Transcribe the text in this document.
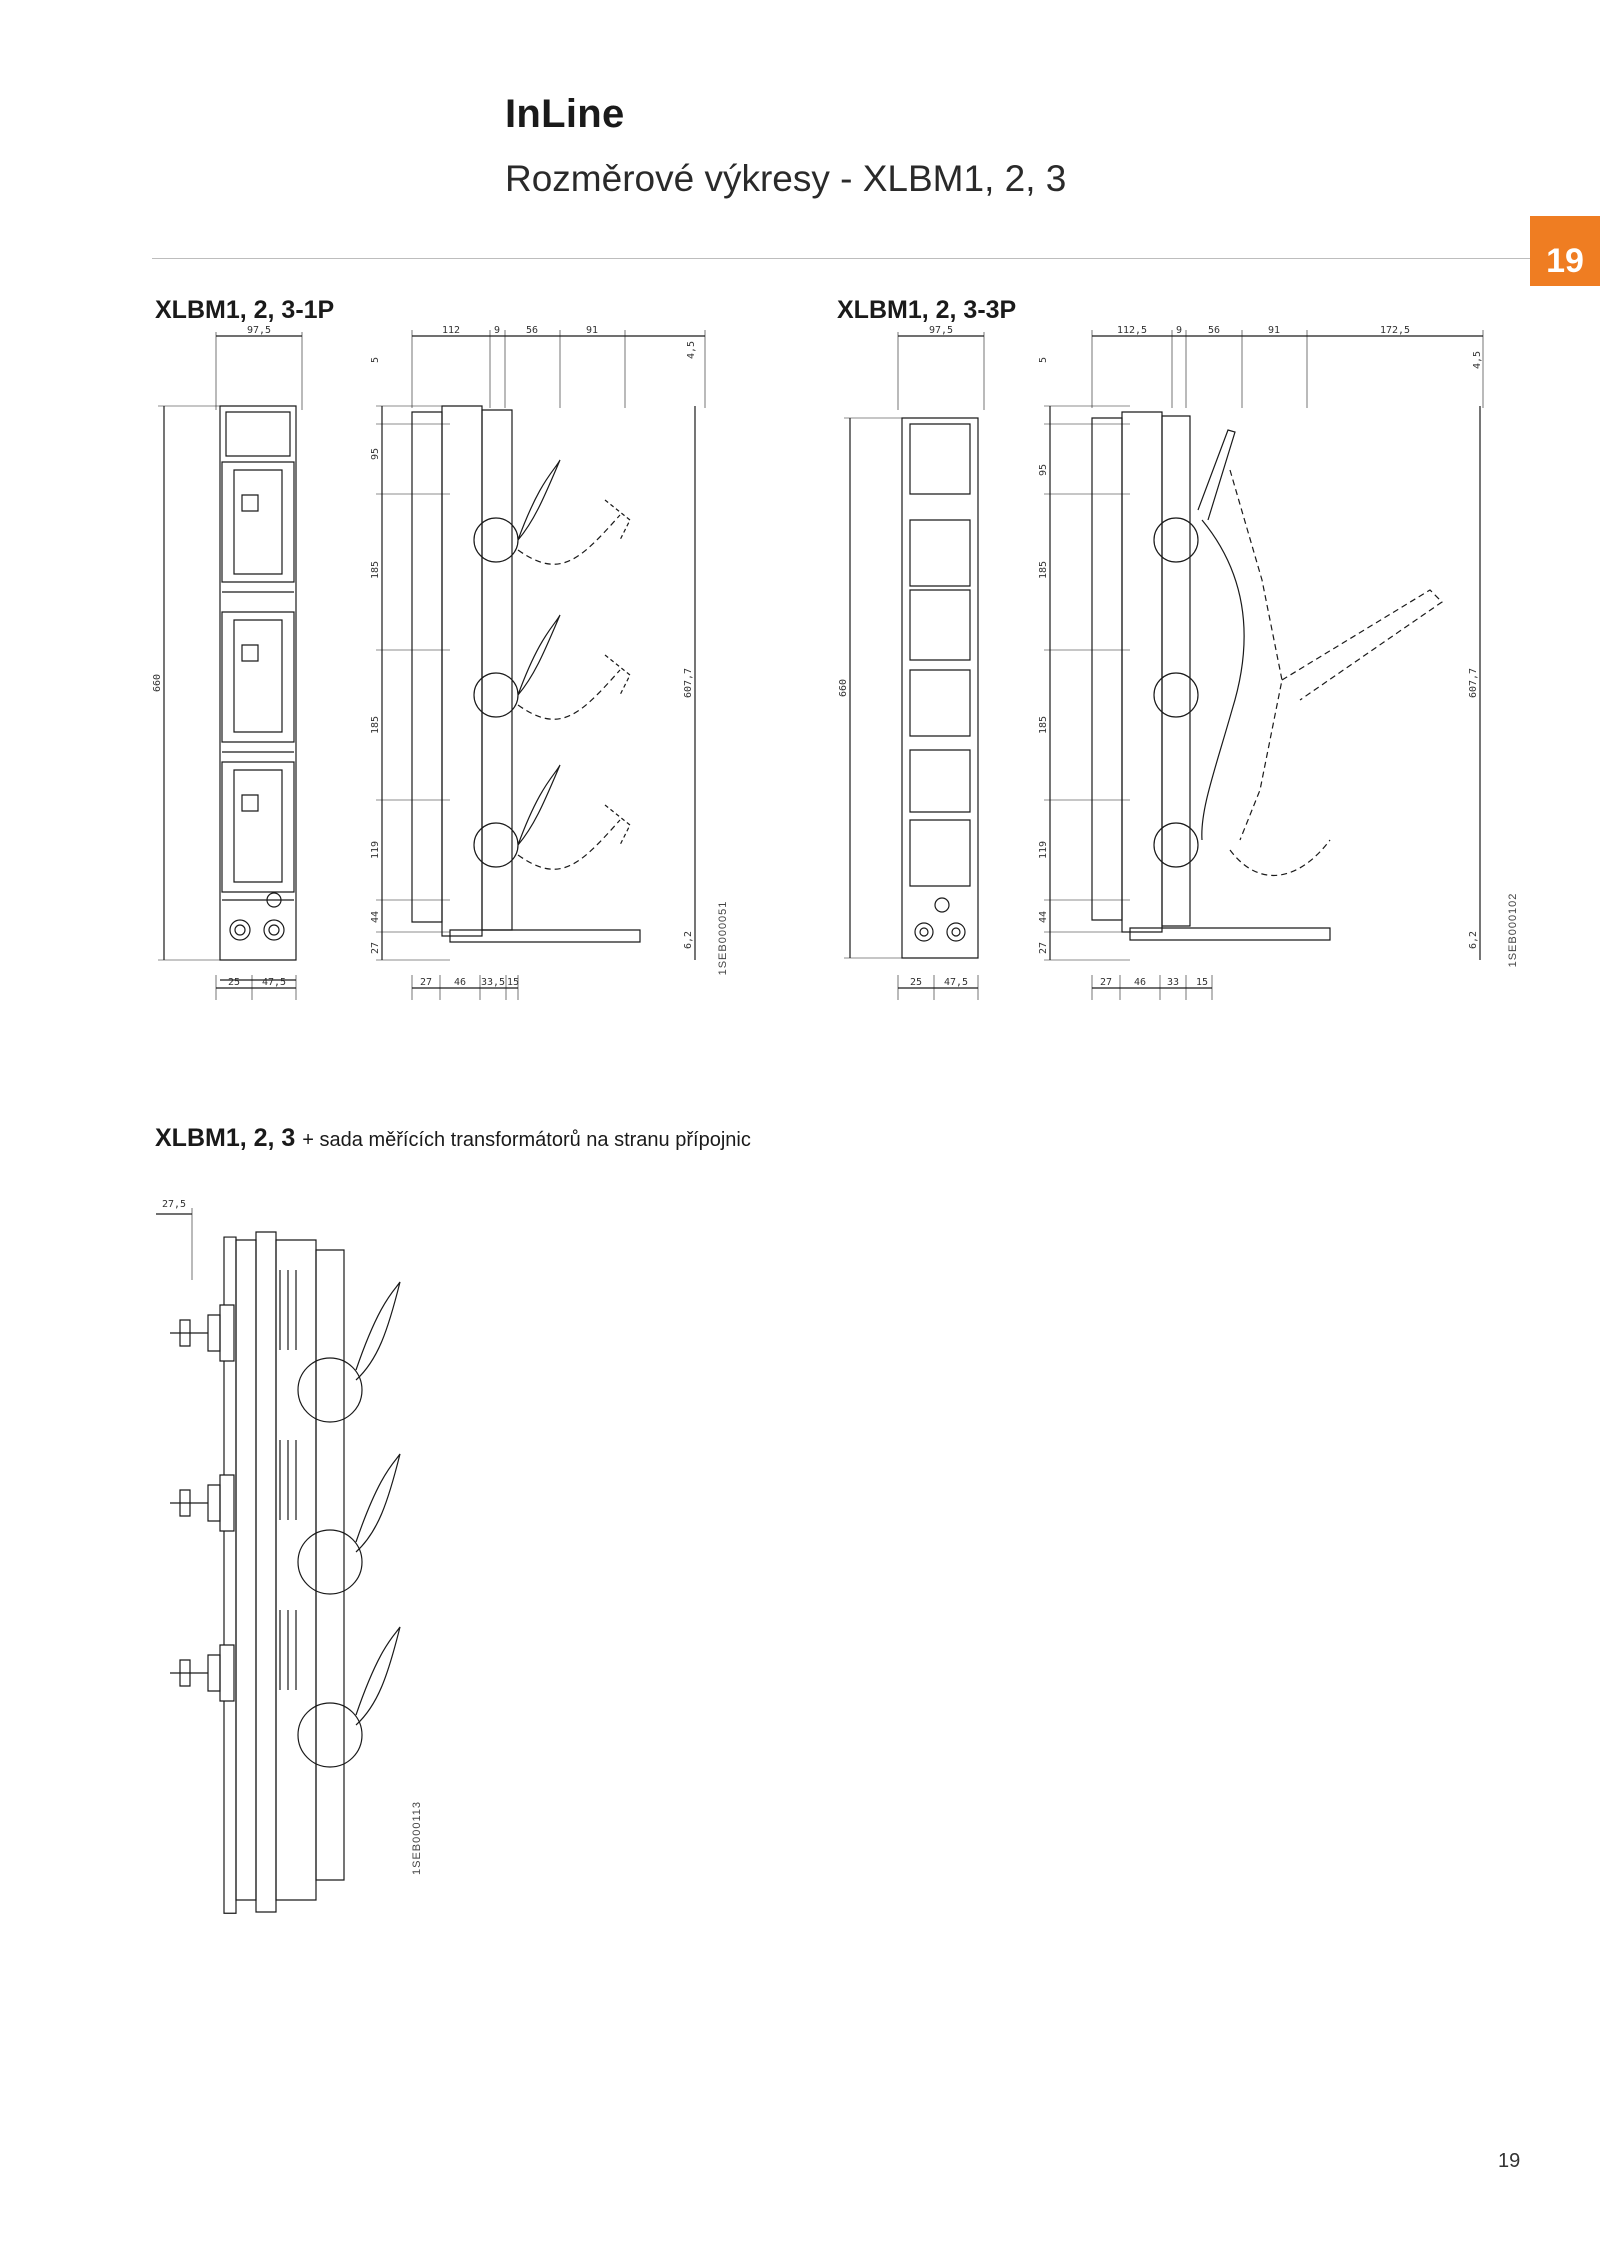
InLine
Rozměrové výkresy - XLBM1, 2, 3
19
XLBM1, 2, 3-1P	XLBM1, 2, 3-3P
XLBM1, 2, 3 + sada měřících transformátorů na stranu přípojnic
97,5
660
25 47,5
112	9	56	91
4,5
5
95
185
185
119
44
27
607,7
6,2
27 46 33,5 15
1SEB000051
97,5
660
25 47,5
112,5	9	56	91	172,5
4,5
5
95
185
185
119
44
27
607,7
6,2
27 46 33 15
1SEB000102
27,5
1SEB000113
19
